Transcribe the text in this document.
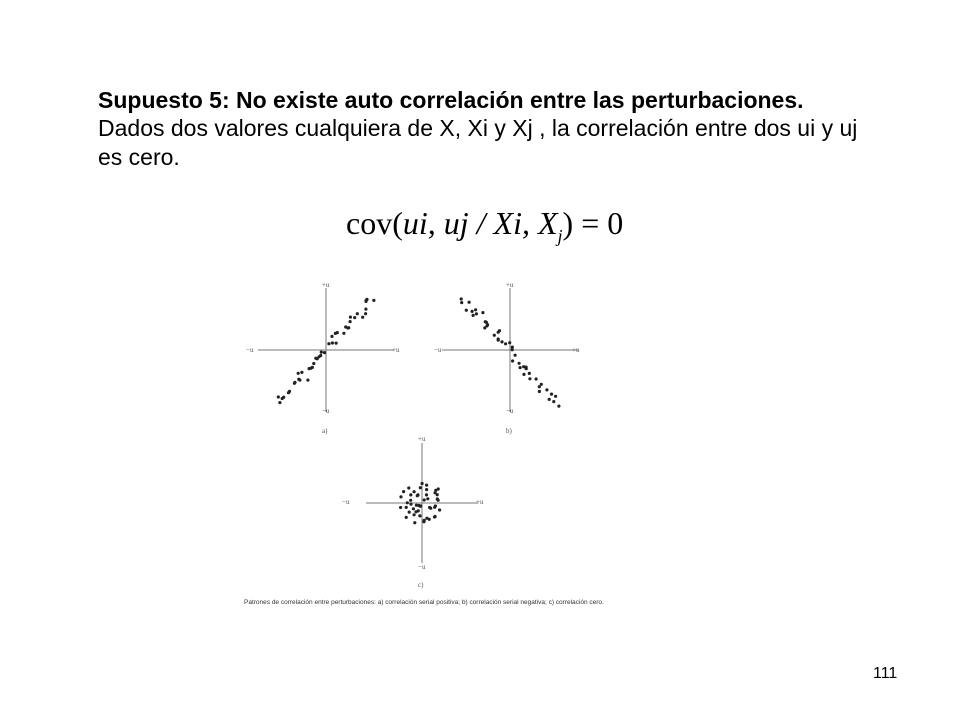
Supuesto 5: No existe auto correlación entre las perturbaciones.

Dados dos valores cualquiera de X, Xi y Xj , la correlación entre dos ui y uj es cero.

cov(ui, uj / Xi, $X_j) = 0$
+u
−u
−u	+u
a)
+u
−u
−u	+u
b)
+u
−u
−u	+u
c)
Patrones de correlación entre perturbaciones: a) correlación serial positiva; b) correlación serial negativa; c) correlación cero.
111
